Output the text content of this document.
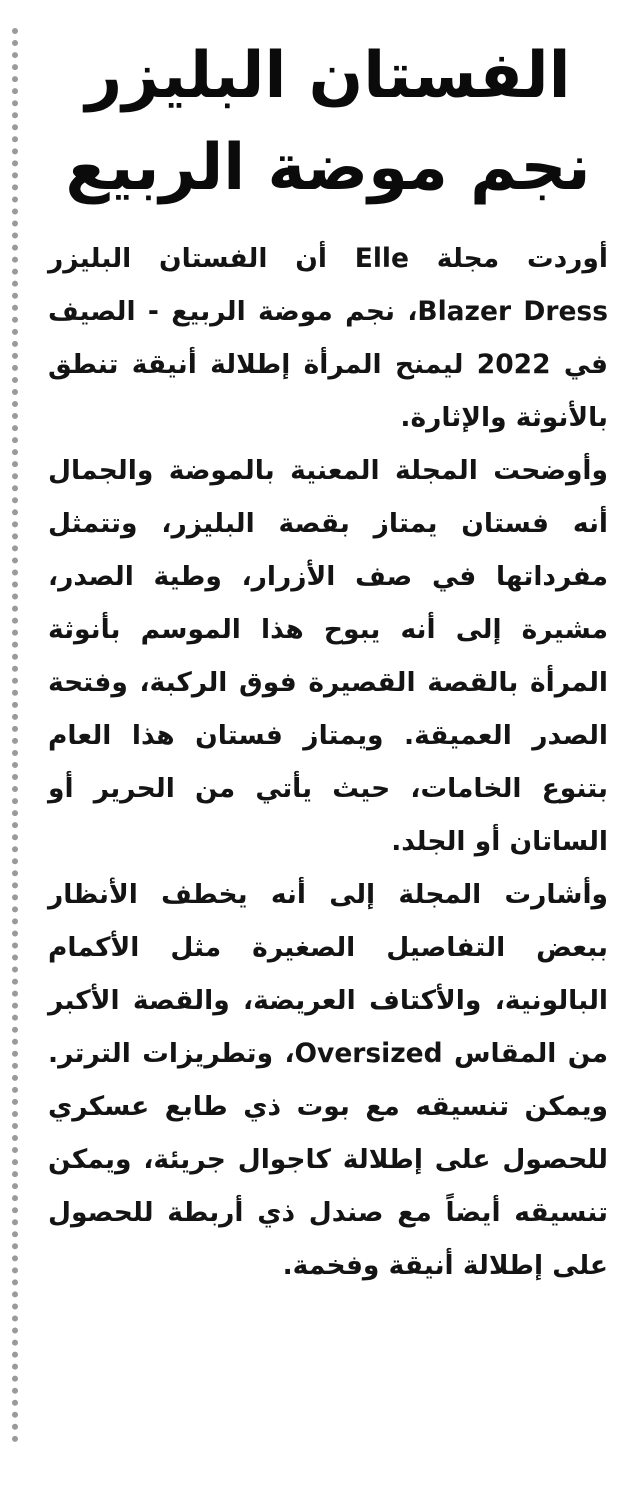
الفستان البليزر
نجم موضة الربيع

أوردت مجلة Elle أن الفستان البليزر Blazer Dress، نجم موضة الربيع - الصيف في 2022 ليمنح المرأة إطلالة أنيقة تنطق بالأنوثة والإثارة.

وأوضحت المجلة المعنية بالموضة والجمال أنه فستان يمتاز بقصة البليزر، وتتمثل مفرداتها في صف الأزرار، وطية الصدر، مشيرة إلى أنه يبوح هذا الموسم بأنوثة المرأة بالقصة القصيرة فوق الركبة، وفتحة الصدر العميقة. ويمتاز فستان هذا العام بتنوع الخامات، حيث يأتي من الحرير أو الساتان أو الجلد.

وأشارت المجلة إلى أنه يخطف الأنظار ببعض التفاصيل الصغيرة مثل الأكمام البالونية، والأكتاف العريضة، والقصة الأكبر من المقاس Oversized، وتطريزات الترتر. ويمكن تنسيقه مع بوت ذي طابع عسكري للحصول على إطلالة كاجوال جريئة، ويمكن تنسيقه أيضاً مع صندل ذي أربطة للحصول على إطلالة أنيقة وفخمة.
